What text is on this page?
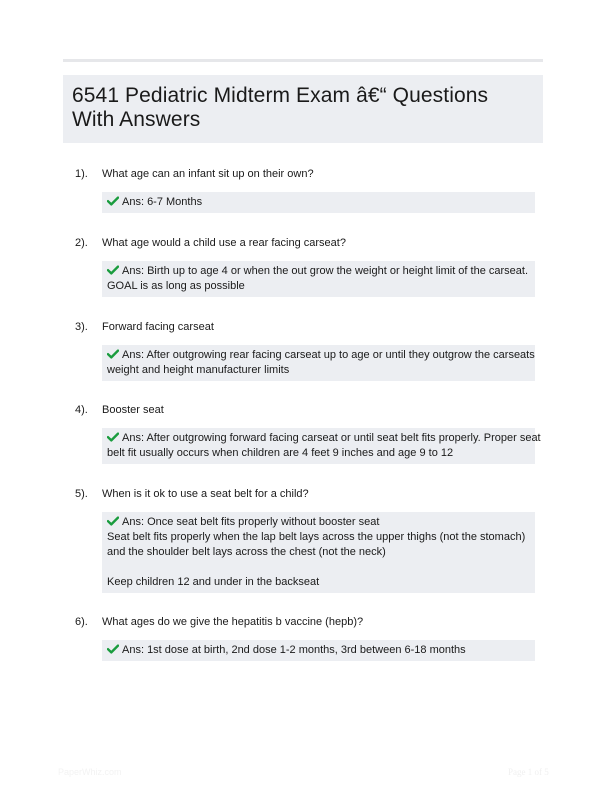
6541 Pediatric Midterm Exam â€“ Questions
With Answers
1). What age can an infant sit up on their own?
Ans: 6-7 Months
2). What age would a child use a rear facing carseat?
Ans: Birth up to age 4 or when the out grow the weight or height limit of the carseat.
GOAL is as long as possible
3). Forward facing carseat
Ans: After outgrowing rear facing carseat up to age or until they outgrow the carseats
weight and height manufacturer limits
4). Booster seat
Ans: After outgrowing forward facing carseat or until seat belt fits properly. Proper seat
belt fit usually occurs when children are 4 feet 9 inches and age 9 to 12
5). When is it ok to use a seat belt for a child?
Ans: Once seat belt fits properly without booster seat
Seat belt fits properly when the lap belt lays across the upper thighs (not the stomach)
and the shoulder belt lays across the chest (not the neck)
Keep children 12 and under in the backseat
6). What ages do we give the hepatitis b vaccine (hepb)?
Ans: 1st dose at birth, 2nd dose 1-2 months, 3rd between 6-18 months
PaperWhiz.com	Page 1 of 5
